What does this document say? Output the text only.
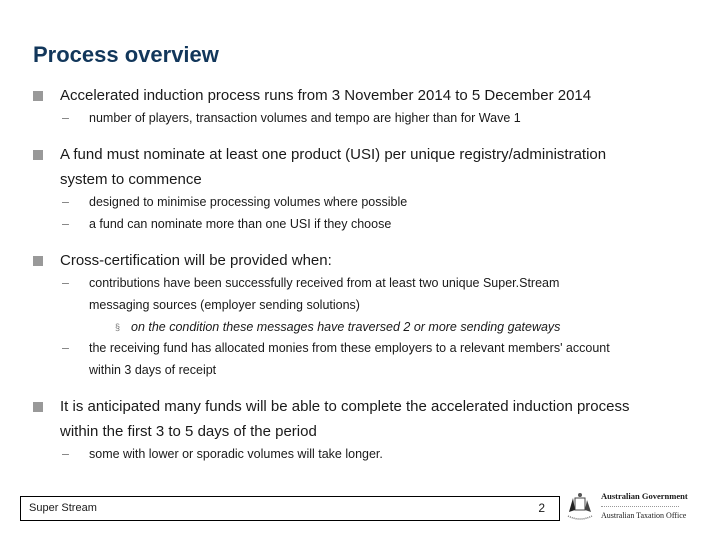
Process overview
Accelerated induction process runs from 3 November 2014 to 5 December 2014
– number of players, transaction volumes and tempo are higher than for Wave 1
A fund must nominate at least one product (USI) per unique registry/administration
system to commence
– designed to minimise processing volumes where possible
– a fund can nominate more than one USI if they choose
Cross-certification will be provided when:
– contributions have been successfully received from at least two unique Super.Stream
messaging sources (employer sending solutions)
§ on the condition these messages have traversed 2 or more sending gateways
– the receiving fund has allocated monies from these employers to a relevant members' account
within 3 days of receipt
It is anticipated many funds will be able to complete the accelerated induction process
within the first 3 to 5 days of the period
– some with lower or sporadic volumes will take longer.
Super Stream	2
Australian Government
Australian Taxation Office
